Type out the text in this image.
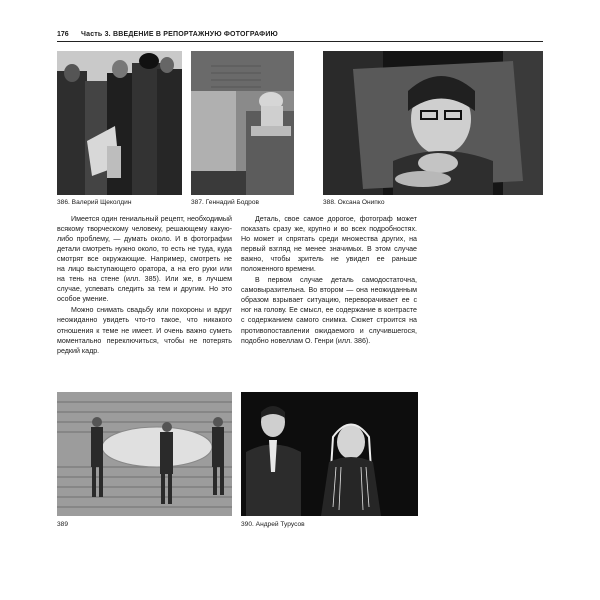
176 Часть 3. ВВЕДЕНИЕ В РЕПОРТАЖНУЮ ФОТОГРАФИЮ
386. Валерий Щеколдин	387. Геннадий Бодров	388. Оксана Онипко

Имеется один гениальный рецепт, необходимый всякому творческому человеку, решающему какую-либо проблему, — думать около. И в фотографии детали смотреть нужно около, то есть не туда, куда смотрят все окружающие. Например, смотреть не на лицо выступающего оратора, а на его руки или на тень на стене (илл. 385). Или же, в лучшем случае, успевать следить за тем и другим. Но это особое умение.

Можно снимать свадьбу или похороны и вдруг неожиданно увидеть что-то такое, что никакого отношения к теме не имеет. И очень важно суметь моментально переключиться, чтобы не потерять редкий кадр.

Деталь, свое самое дорогое, фотограф может показать сразу же, крупно и во всех подробностях. Но может и спрятать среди множества других, на первый взгляд не менее значимых. В этом случае важно, чтобы зритель не увидел ее раньше положенного времени.

В первом случае деталь самодостаточна, самовыразительна. Во втором — она неожиданным образом взрывает ситуацию, переворачивает ее с ног на голову. Ее смысл, ее содержание в контрасте с содержанием самого снимка. Сюжет строится на противопоставлении ожидаемого и случившегося, подобно новеллам О. Генри (илл. 386).

389	390. Андрей Турусов
